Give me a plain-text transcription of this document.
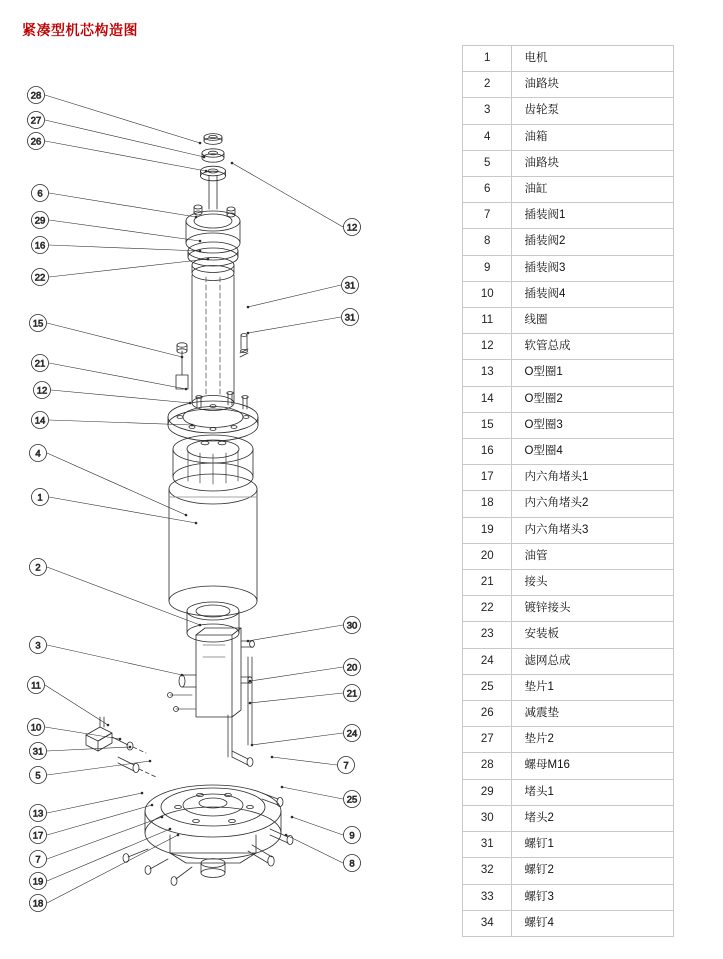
紧凑型机芯构造图
28
27
26
6
29
16
22
15
21
12
14
4
1
2
3
11
10
31
5
13
17
7
19
18
12
31
31
30
20
21
24
7
25
9
8
1	电机
2	油路块
3	齿轮泵
4	油箱
5	油路块
6	油缸
7	插装阀1
8	插装阀2
9	插装阀3
10	插装阀4
11	线圈
12	软管总成
13	O型圈1
14	O型圈2
15	O型圈3
16	O型圈4
17	内六角堵头1
18	内六角堵头2
19	内六角堵头3
20	油管
21	接头
22	镀锌接头
23	安装板
24	滤网总成
25	垫片1
26	减震垫
27	垫片2
28	螺母M16
29	堵头1
30	堵头2
31	螺钉1
32	螺钉2
33	螺钉3
34	螺钉4
